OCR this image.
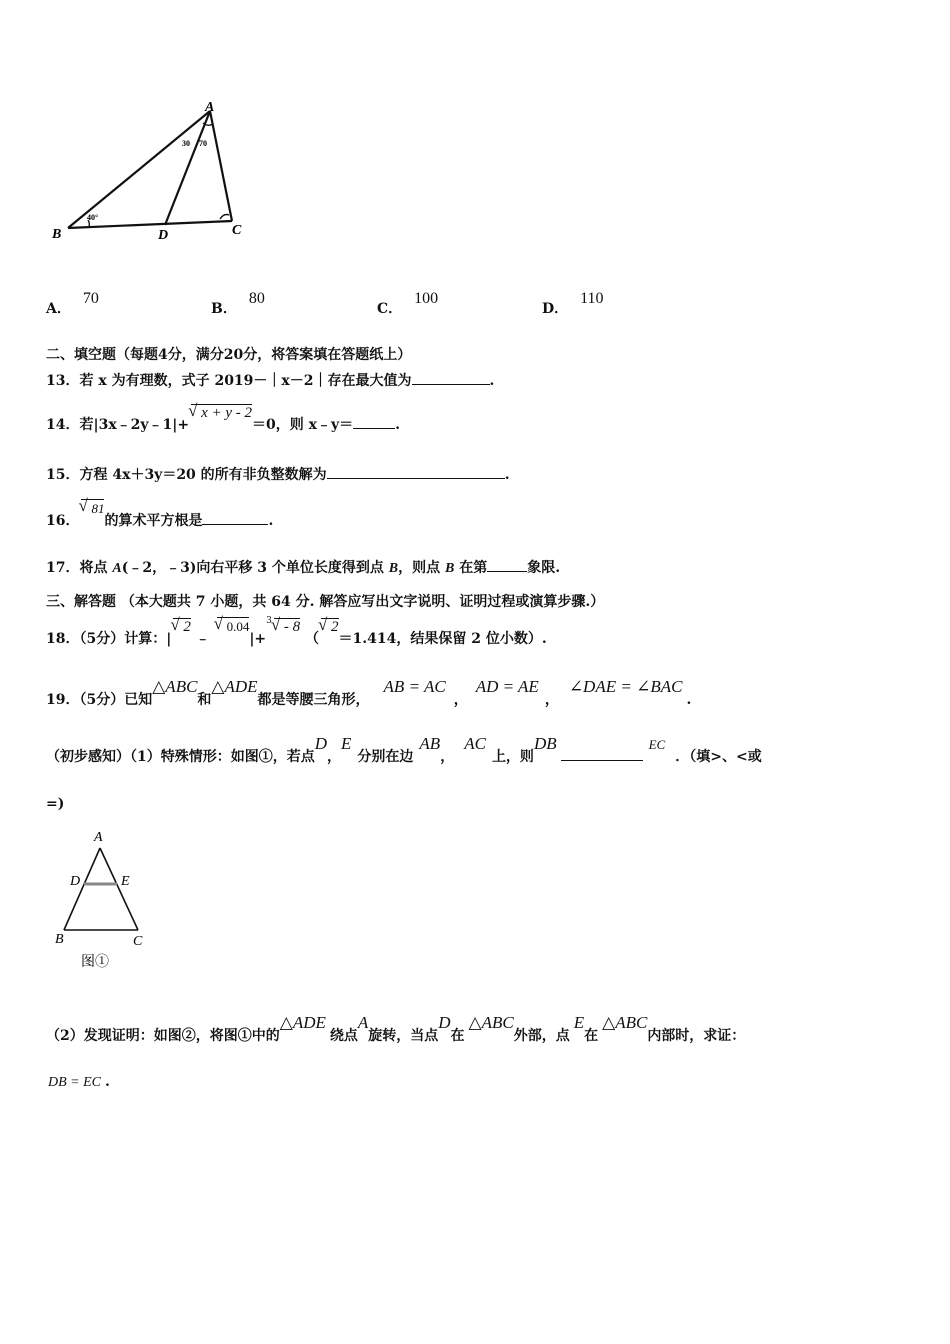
A
B	D	C
40°
30 70
A．70
B．80
C．100
D．110
二、填空题（每题4分，满分20分，将答案填在答题纸上）
13．若 x 为有理数，式子 2019－｜x－2｜存在最大值为	.
14．若|3x﹣2y﹣1|+√ x + y - 2＝0，则 x﹣y＝	.
15．方程 4x＋3y＝20 的所有非负整数解为	.
16．√ 81的算术平方根是	.
17．将点 A(﹣2，﹣3)向右平移 3 个单位长度得到点 B，则点 B 在第	象限.
三、解答题 （本大题共 7 小题，共 64 分. 解答应写出文字说明、证明过程或演算步骤.）
18．（5分）计算：|√ 2 ﹣ √ 0.04|+$^3$√ - 8 （√ 2＝1.414，结果保留 2 位小数）.
19．（5分）已知△ABC和△ADE都是等腰三角形，AB = AC，AD = AE，∠DAE = ∠BAC.
（初步感知）（1）特殊情形：如图①，若点D，E分别在边AB，AC上，则DB	EC．（填>、<或
=)
A
D	E
B	C
图①
（2）发现证明：如图②，将图①中的△ADE绕点A旋转，当点D在△ABC外部，点E在△ABC内部时，求证：
DB = EC .
